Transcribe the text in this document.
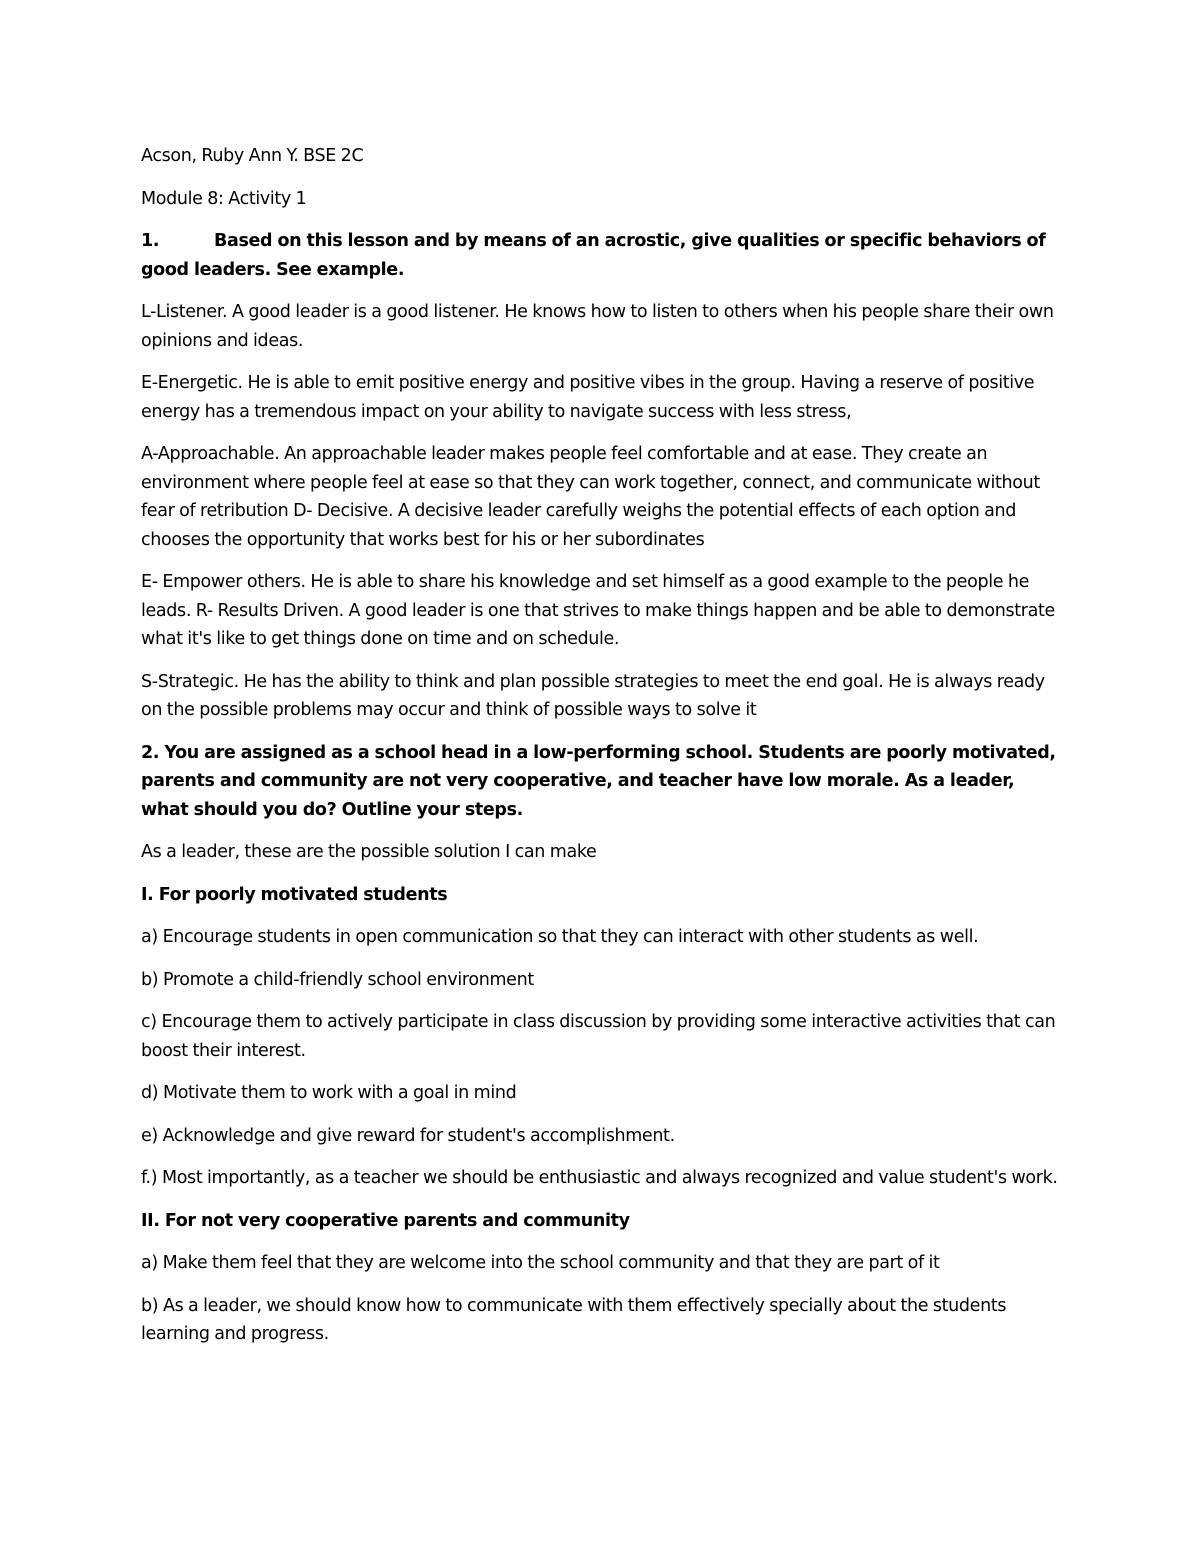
Acson, Ruby Ann Y. BSE 2C

Module 8: Activity 1

1.	Based on this lesson and by means of an acrostic, give qualities or specific behaviors of good leaders. See example.

L-Listener. A good leader is a good listener. He knows how to listen to others when his people share their own opinions and ideas.

E-Energetic. He is able to emit positive energy and positive vibes in the group. Having a reserve of positive energy has a tremendous impact on your ability to navigate success with less stress,

A-Approachable. An approachable leader makes people feel comfortable and at ease. They create an environment where people feel at ease so that they can work together, connect, and communicate without fear of retribution D- Decisive. A decisive leader carefully weighs the potential effects of each option and chooses the opportunity that works best for his or her subordinates

E- Empower others. He is able to share his knowledge and set himself as a good example to the people he leads. R- Results Driven. A good leader is one that strives to make things happen and be able to demonstrate what it's like to get things done on time and on schedule.

S-Strategic. He has the ability to think and plan possible strategies to meet the end goal. He is always ready on the possible problems may occur and think of possible ways to solve it

2. You are assigned as a school head in a low-performing school. Students are poorly motivated, parents and community are not very cooperative, and teacher have low morale. As a leader, what should you do? Outline your steps.

As a leader, these are the possible solution I can make

I. For poorly motivated students

a) Encourage students in open communication so that they can interact with other students as well.

b) Promote a child-friendly school environment

c) Encourage them to actively participate in class discussion by providing some interactive activities that can boost their interest.

d) Motivate them to work with a goal in mind

e) Acknowledge and give reward for student's accomplishment.

f.) Most importantly, as a teacher we should be enthusiastic and always recognized and value student's work.

II. For not very cooperative parents and community

a) Make them feel that they are welcome into the school community and that they are part of it

b) As a leader, we should know how to communicate with them effectively specially about the students learning and progress.
